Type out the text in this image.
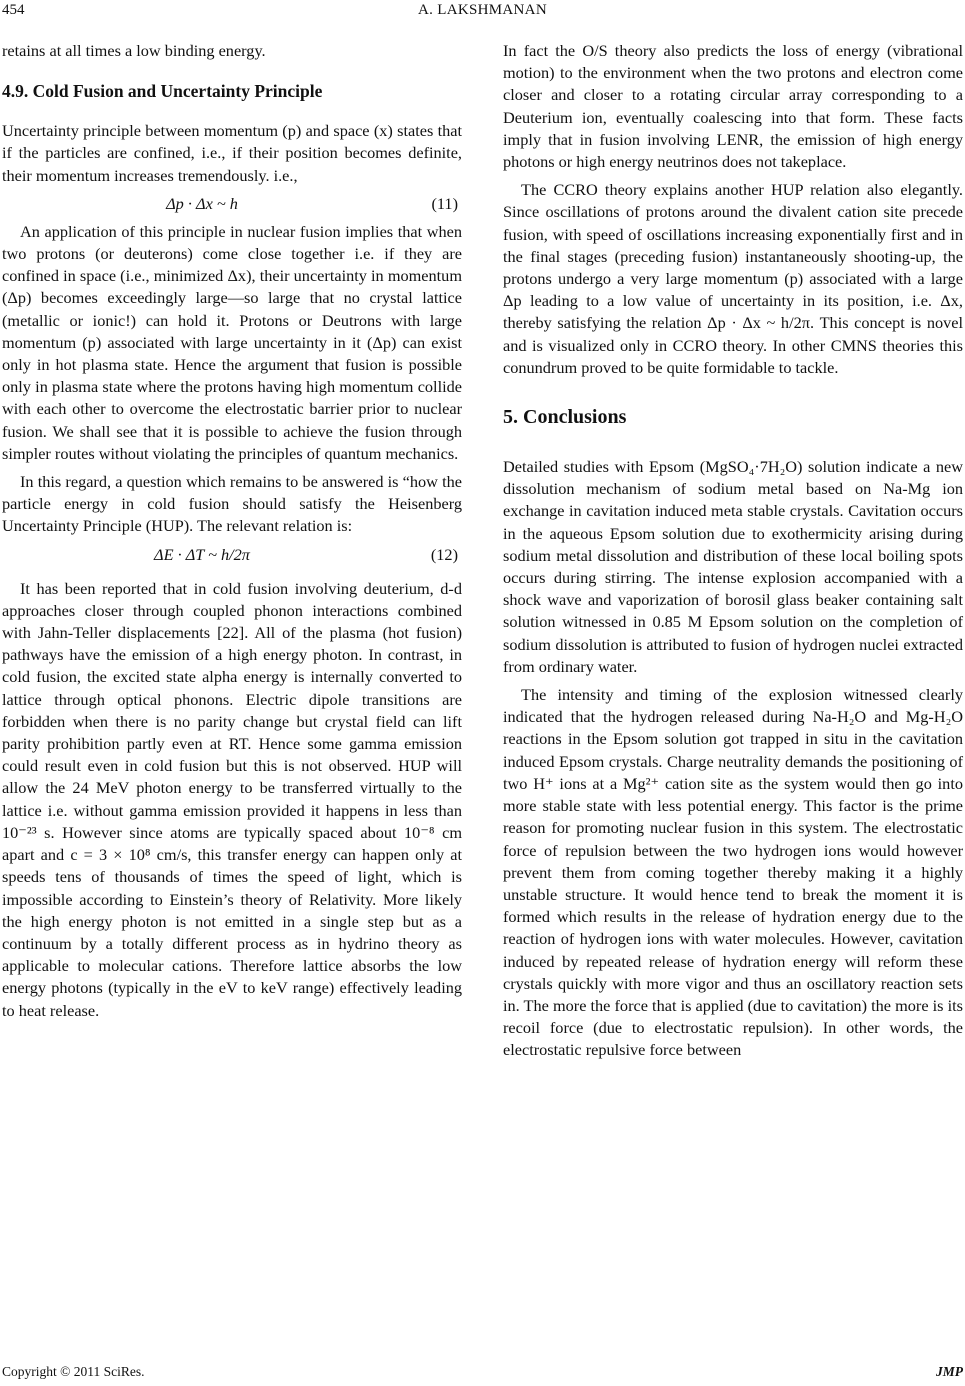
454	A. LAKSHMANAN

retains at all times a low binding energy.

4.9. Cold Fusion and Uncertainty Principle

Uncertainty principle between momentum (p) and space (x) states that if the particles are confined, i.e., if their position becomes definite, their momentum increases tremendously. i.e.,

Δp · Δx ~ h	(11)

An application of this principle in nuclear fusion implies that when two protons (or deuterons) come close together i.e. if they are confined in space (i.e., minimized Δx), their uncertainty in momentum (Δp) becomes exceedingly large—so large that no crystal lattice (metallic or ionic!) can hold it. Protons or Deutrons with large momentum (p) associated with large uncertainty in it (Δp) can exist only in hot plasma state. Hence the argument that fusion is possible only in plasma state where the protons having high momentum collide with each other to overcome the electrostatic barrier prior to nuclear fusion. We shall see that it is possible to achieve the fusion through simpler routes without violating the principles of quantum mechanics.

In this regard, a question which remains to be answered is “how the particle energy in cold fusion should satisfy the Heisenberg Uncertainty Principle (HUP). The relevant relation is:

ΔE · ΔT ~ h/2π	(12)

It has been reported that in cold fusion involving deuterium, d-d approaches closer through coupled phonon interactions combined with Jahn-Teller displacements [22]. All of the plasma (hot fusion) pathways have the emission of a high energy photon. In contrast, in cold fusion, the excited state alpha energy is internally converted to lattice through optical phonons. Electric dipole transitions are forbidden when there is no parity change but crystal field can lift parity prohibition partly even at RT. Hence some gamma emission could result even in cold fusion but this is not observed. HUP will allow the 24 MeV photon energy to be transferred virtually to the lattice i.e. without gamma emission provided it happens in less than 10⁻²³ s. However since atoms are typically spaced about 10⁻⁸ cm apart and c = 3 × 10⁸ cm/s, this transfer energy can happen only at speeds tens of thousands of times the speed of light, which is impossible according to Einstein’s theory of Relativity. More likely the high energy photon is not emitted in a single step but as a continuum by a totally different process as in hydrino theory as applicable to molecular cations. Therefore lattice absorbs the low energy photons (typically in the eV to keV range) effectively leading to heat release.

In fact the O/S theory also predicts the loss of energy (vibrational motion) to the environment when the two protons and electron come closer and closer to a rotating circular array corresponding to a Deuterium ion, eventually coalescing into that form. These facts imply that in fusion involving LENR, the emission of high energy photons or high energy neutrinos does not takeplace.

The CCRO theory explains another HUP relation also elegantly. Since oscillations of protons around the divalent cation site precede fusion, with speed of oscillations increasing exponentially first and in the final stages (preceding fusion) instantaneously shooting-up, the protons undergo a very large momentum (p) associated with a large Δp leading to a low value of uncertainty in its position, i.e. Δx, thereby satisfying the relation Δp · Δx ~ h/2π. This concept is novel and is visualized only in CCRO theory. In other CMNS theories this conundrum proved to be quite formidable to tackle.

5. Conclusions

Detailed studies with Epsom (MgSO₄·7H₂O) solution indicate a new dissolution mechanism of sodium metal based on Na-Mg ion exchange in cavitation induced meta stable crystals. Cavitation occurs in the aqueous Epsom solution due to exothermicity arising during sodium metal dissolution and distribution of these local boiling spots occurs during stirring. The intense explosion accompanied with a shock wave and vaporization of borosil glass beaker containing salt solution witnessed in 0.85 M Epsom solution on the completion of sodium dissolution is attributed to fusion of hydrogen nuclei extracted from ordinary water.

The intensity and timing of the explosion witnessed clearly indicated that the hydrogen released during Na-H₂O and Mg-H₂O reactions in the Epsom solution got trapped in situ in the cavitation induced Epsom crystals. Charge neutrality demands the positioning of two H⁺ ions at a Mg²⁺ cation site as the system would then go into more stable state with less potential energy. This factor is the prime reason for promoting nuclear fusion in this system. The electrostatic force of repulsion between the two hydrogen ions would however prevent them from coming together thereby making it a highly unstable structure. It would hence tend to break the moment it is formed which results in the release of hydration energy due to the reaction of hydrogen ions with water molecules. However, cavitation induced by repeated release of hydration energy will reform these crystals quickly with more vigor and thus an oscillatory reaction sets in. The more the force that is applied (due to cavitation) the more is its recoil force (due to electrostatic repulsion). In other words, the electrostatic repulsive force between

Copyright © 2011 SciRes.	JMP
